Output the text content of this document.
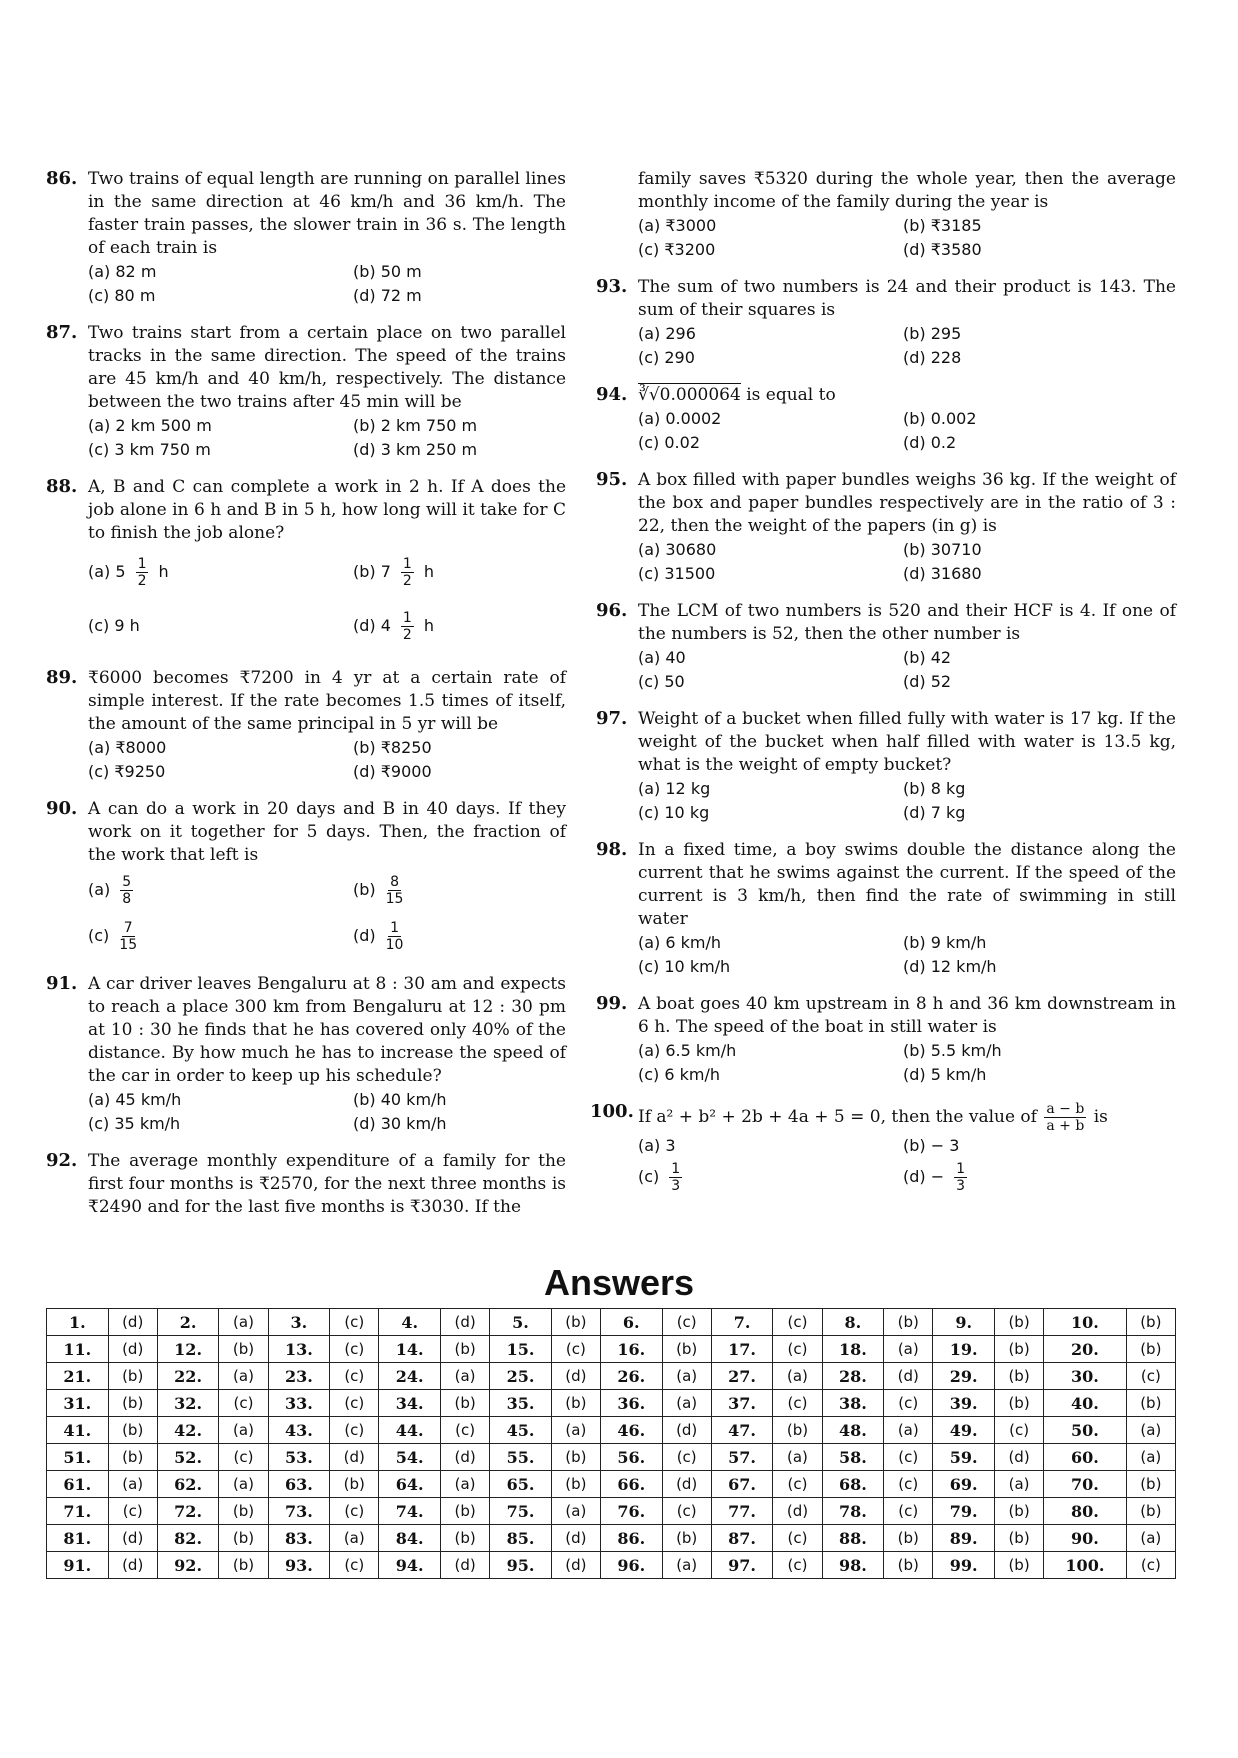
86. Two trains of equal length are running on parallel lines in the same direction at 46 km/h and 36 km/h. The faster train passes, the slower train in 36 s. The length of each train is
(a) 82 m	(b) 50 m
(c) 80 m	(d) 72 m
87. Two trains start from a certain place on two parallel tracks in the same direction. The speed of the trains are 45 km/h and 40 km/h, respectively. The distance between the two trains after 45 min will be
(a) 2 km 500 m	(b) 2 km 750 m
(c) 3 km 750 m	(d) 3 km 250 m
88. A, B and C can complete a work in 2 h. If A does the job alone in 6 h and B in 5 h, how long will it take for C to finish the job alone?
(a) $5 \frac{1}{2}$ h	(b) $7 \frac{1}{2}$ h
(c) 9 h	(d) $4 \frac{1}{2}$ h
89. ₹6000 becomes ₹7200 in 4 yr at a certain rate of simple interest. If the rate becomes 1.5 times of itself, the amount of the same principal in 5 yr will be
(a) ₹8000	(b) ₹8250
(c) ₹9250	(d) ₹9000
90. A can do a work in 20 days and B in 40 days. If they work on it together for 5 days. Then, the fraction of the work that left is
$(a) \frac{5}{8}$	$(b) \frac{8}{15}$
$(c) \frac{7}{15}$	$(d) \frac{1}{10}$
91. A car driver leaves Bengaluru at 8 : 30 am and expects to reach a place 300 km from Bengaluru at 12 : 30 pm at 10 : 30 he finds that he has covered only 40% of the distance. By how much he has to increase the speed of the car in order to keep up his schedule?
(a) 45 km/h	(b) 40 km/h
(c) 35 km/h	(d) 30 km/h
92. The average monthly expenditure of a family for the first four months is ₹2570, for the next three months is ₹2490 and for the last five months is ₹3030. If the
family saves ₹5320 during the whole year, then the average monthly income of the family during the year is
(a) ₹3000	(b) ₹3185
(c) ₹3200	(d) ₹3580
93. The sum of two numbers is 24 and their product is 143. The sum of their squares is
(a) 296	(b) 295
(c) 290	(d) 228
94. ∛√0.000064 is equal to
(a) 0.0002	(b) 0.002
(c) 0.02	(d) 0.2
95. A box filled with paper bundles weighs 36 kg. If the weight of the box and paper bundles respectively are in the ratio of 3 : 22, then the weight of the papers (in g) is
(a) 30680	(b) 30710
(c) 31500	(d) 31680
96. The LCM of two numbers is 520 and their HCF is 4. If one of the numbers is 52, then the other number is
(a) 40	(b) 42
(c) 50	(d) 52
97. Weight of a bucket when filled fully with water is 17 kg. If the weight of the bucket when half filled with water is 13.5 kg, what is the weight of empty bucket?
(a) 12 kg	(b) 8 kg
(c) 10 kg	(d) 7 kg
98. In a fixed time, a boy swims double the distance along the current that he swims against the current. If the speed of the current is 3 km/h, then find the rate of swimming in still water
(a) 6 km/h	(b) 9 km/h
(c) 10 km/h	(d) 12 km/h
99. A boat goes 40 km upstream in 8 h and 36 km downstream in 6 h. The speed of the boat in still water is
(a) 6.5 km/h	(b) 5.5 km/h
(c) 6 km/h	(d) 5 km/h
100. If a² + b² + 2b + 4a + 5 = 0, then the value of $\frac{a - b}{a + b}$ is
(a) 3	(b) − 3
$(c) \frac{1}{3}$	$(d) - \frac{1}{3}$
Answers
1.	(d)	2.	(a)	3.	(c)	4.	(d)	5.	(b)	6.	(c)	7.	(c)	8.	(b)	9.	(b)	10.	(b)
11.	(d)	12.	(b)	13.	(c)	14.	(b)	15.	(c)	16.	(b)	17.	(c)	18.	(a)	19.	(b)	20.	(b)
21.	(b)	22.	(a)	23.	(c)	24.	(a)	25.	(d)	26.	(a)	27.	(a)	28.	(d)	29.	(b)	30.	(c)
31.	(b)	32.	(c)	33.	(c)	34.	(b)	35.	(b)	36.	(a)	37.	(c)	38.	(c)	39.	(b)	40.	(b)
41.	(b)	42.	(a)	43.	(c)	44.	(c)	45.	(a)	46.	(d)	47.	(b)	48.	(a)	49.	(c)	50.	(a)
51.	(b)	52.	(c)	53.	(d)	54.	(d)	55.	(b)	56.	(c)	57.	(a)	58.	(c)	59.	(d)	60.	(a)
61.	(a)	62.	(a)	63.	(b)	64.	(a)	65.	(b)	66.	(d)	67.	(c)	68.	(c)	69.	(a)	70.	(b)
71.	(c)	72.	(b)	73.	(c)	74.	(b)	75.	(a)	76.	(c)	77.	(d)	78.	(c)	79.	(b)	80.	(b)
81.	(d)	82.	(b)	83.	(a)	84.	(b)	85.	(d)	86.	(b)	87.	(c)	88.	(b)	89.	(b)	90.	(a)
91.	(d)	92.	(b)	93.	(c)	94.	(d)	95.	(d)	96.	(a)	97.	(c)	98.	(b)	99.	(b)	100.	(c)
